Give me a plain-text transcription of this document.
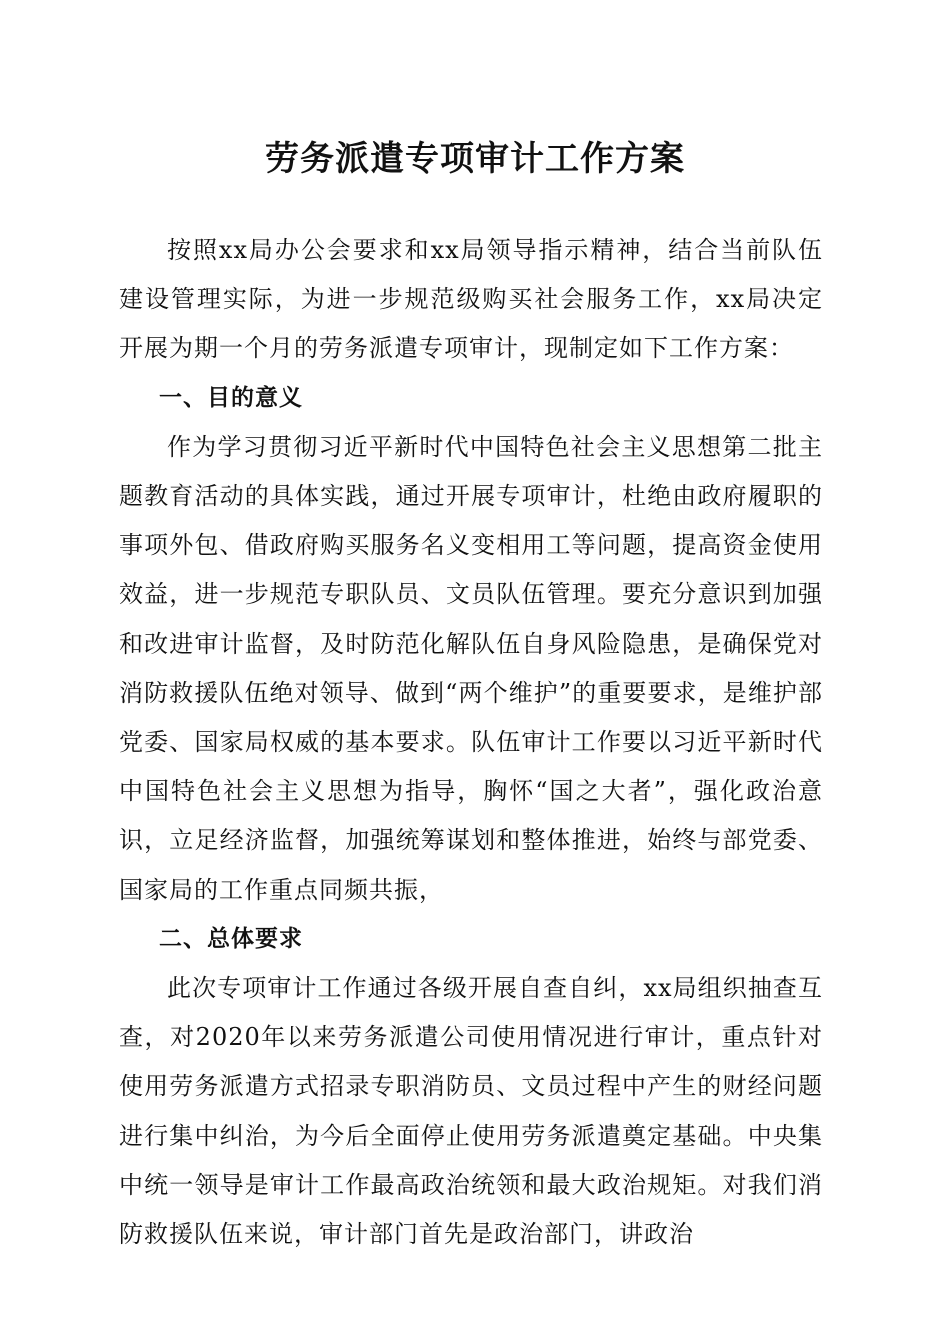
劳务派遣专项审计工作方案

按照xx局办公会要求和xx局领导指示精神，结合当前队伍建设管理实际，为进一步规范级购买社会服务工作，xx局决定开展为期一个月的劳务派遣专项审计，现制定如下工作方案：

一、目的意义

作为学习贯彻习近平新时代中国特色社会主义思想第二批主题教育活动的具体实践，通过开展专项审计，杜绝由政府履职的事项外包、借政府购买服务名义变相用工等问题，提高资金使用效益，进一步规范专职队员、文员队伍管理。要充分意识到加强和改进审计监督，及时防范化解队伍自身风险隐患，是确保党对消防救援队伍绝对领导、做到“两个维护”的重要要求，是维护部党委、国家局权威的基本要求。队伍审计工作要以习近平新时代中国特色社会主义思想为指导，胸怀“国之大者”，强化政治意识，立足经济监督，加强统筹谋划和整体推进，始终与部党委、国家局的工作重点同频共振，

二、总体要求

此次专项审计工作通过各级开展自查自纠，xx局组织抽查互查，对2020年以来劳务派遣公司使用情况进行审计，重点针对使用劳务派遣方式招录专职消防员、文员过程中产生的财经问题进行集中纠治，为今后全面停止使用劳务派遣奠定基础。中央集中统一领导是审计工作最高政治统领和最大政治规矩。对我们消防救援队伍来说，审计部门首先是政治部门，讲政治
